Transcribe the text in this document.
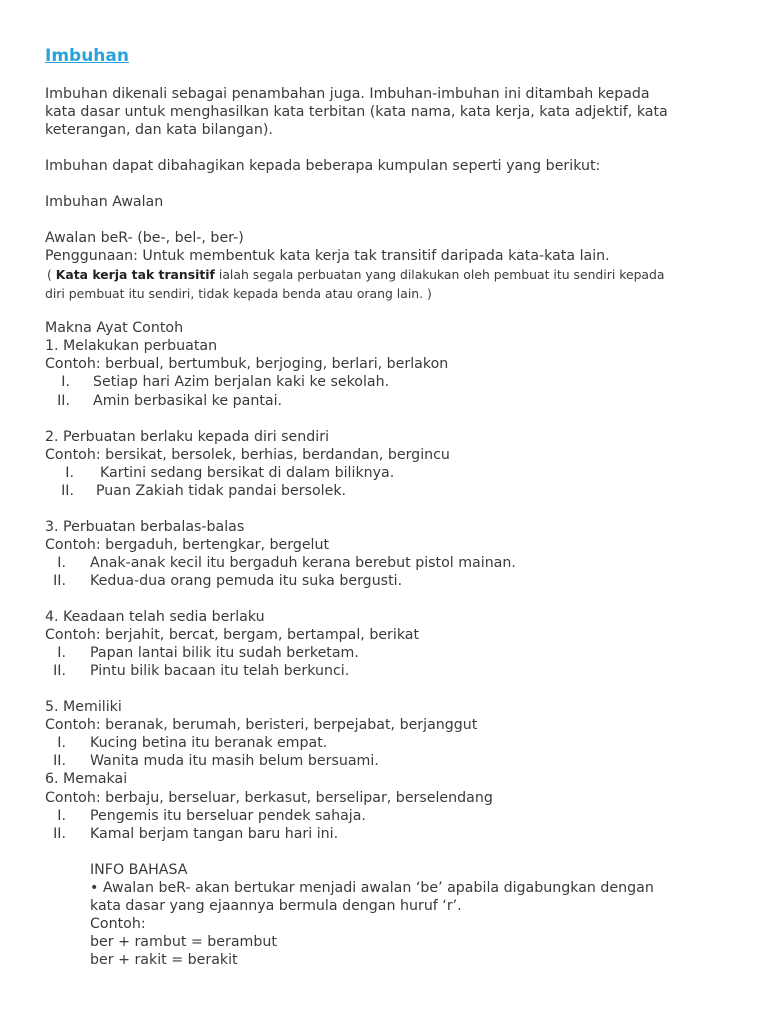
Imbuhan
Imbuhan dikenali sebagai penambahan juga. Imbuhan-imbuhan ini ditambah kepada
kata dasar untuk menghasilkan kata terbitan (kata nama, kata kerja, kata adjektif, kata
keterangan, dan kata bilangan).
Imbuhan dapat dibahagikan kepada beberapa kumpulan seperti yang berikut:
Imbuhan Awalan
Awalan beR- (be-, bel-, ber-)
Penggunaan: Untuk membentuk kata kerja tak transitif daripada kata-kata lain.
( Kata kerja tak transitif ialah segala perbuatan yang dilakukan oleh pembuat itu sendiri kepada
diri pembuat itu sendiri, tidak kepada benda atau orang lain. )
Makna Ayat Contoh
1. Melakukan perbuatan
Contoh: berbual, bertumbuk, berjoging, berlari, berlakon
I. Setiap hari Azim berjalan kaki ke sekolah.
II. Amin berbasikal ke pantai.
2. Perbuatan berlaku kepada diri sendiri
Contoh: bersikat, bersolek, berhias, berdandan, bergincu
I. Kartini sedang bersikat di dalam biliknya.
II. Puan Zakiah tidak pandai bersolek.
3. Perbuatan berbalas-balas
Contoh: bergaduh, bertengkar, bergelut
I. Anak-anak kecil itu bergaduh kerana berebut pistol mainan.
II. Kedua-dua orang pemuda itu suka bergusti.
4. Keadaan telah sedia berlaku
Contoh: berjahit, bercat, bergam, bertampal, berikat
I. Papan lantai bilik itu sudah berketam.
II. Pintu bilik bacaan itu telah berkunci.
5. Memiliki
Contoh: beranak, berumah, beristeri, berpejabat, berjanggut
I. Kucing betina itu beranak empat.
II. Wanita muda itu masih belum bersuami.
6. Memakai
Contoh: berbaju, berseluar, berkasut, berselipar, berselendang
I. Pengemis itu berseluar pendek sahaja.
II. Kamal berjam tangan baru hari ini.
INFO BAHASA
• Awalan beR- akan bertukar menjadi awalan ‘be’ apabila digabungkan dengan
kata dasar yang ejaannya bermula dengan huruf ‘r’.
Contoh:
ber + rambut = berambut
ber + rakit = berakit
